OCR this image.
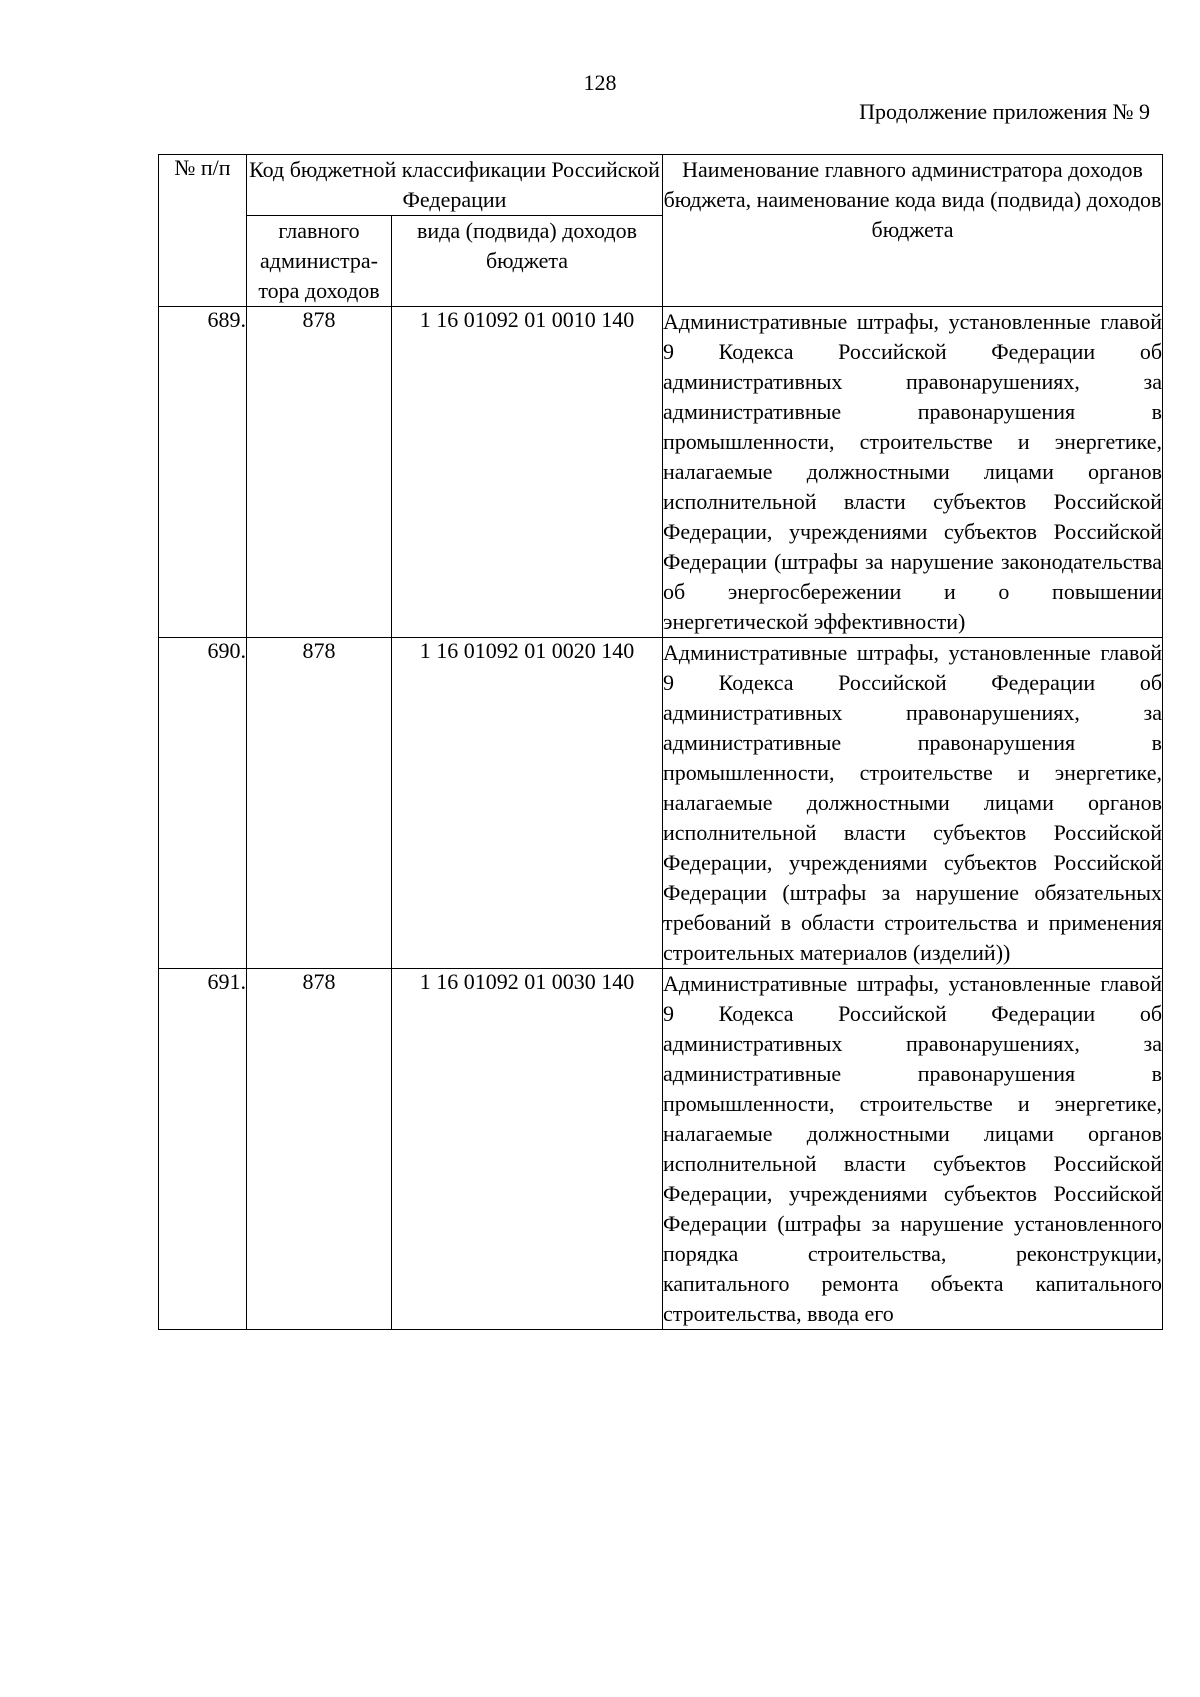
128
Продолжение приложения № 9
№ п/п	Код бюджетной классификации Российской Федерации		Наименование главного администратора доходов бюджета, наименование кода вида (подвида) доходов бюджета
	главного администра-тора доходов	вида (подвида) доходов бюджета	
689.	878	1 16 01092 01 0010 140	Административные штрафы, установленные главой 9 Кодекса Российской Федерации об административных правонарушениях, за административные правонарушения в промышленности, строительстве и энергетике, налагаемые должностными лицами органов исполнительной власти субъектов Российской Федерации, учреждениями субъектов Российской Федерации (штрафы за нарушение законодательства об энергосбережении и о повышении энергетической эффективности)
690.	878	1 16 01092 01 0020 140	Административные штрафы, установленные главой 9 Кодекса Российской Федерации об административных правонарушениях, за административные правонарушения в промышленности, строительстве и энергетике, налагаемые должностными лицами органов исполнительной власти субъектов Российской Федерации, учреждениями субъектов Российской Федерации (штрафы за нарушение обязательных требований в области строительства и применения строительных материалов (изделий))
691.	878	1 16 01092 01 0030 140	Административные штрафы, установленные главой 9 Кодекса Российской Федерации об административных правонарушениях, за административные правонарушения в промышленности, строительстве и энергетике, налагаемые должностными лицами органов исполнительной власти субъектов Российской Федерации, учреждениями субъектов Российской Федерации (штрафы за нарушение установленного порядка строительства, реконструкции, капитального ремонта объекта капитального строительства, ввода его
